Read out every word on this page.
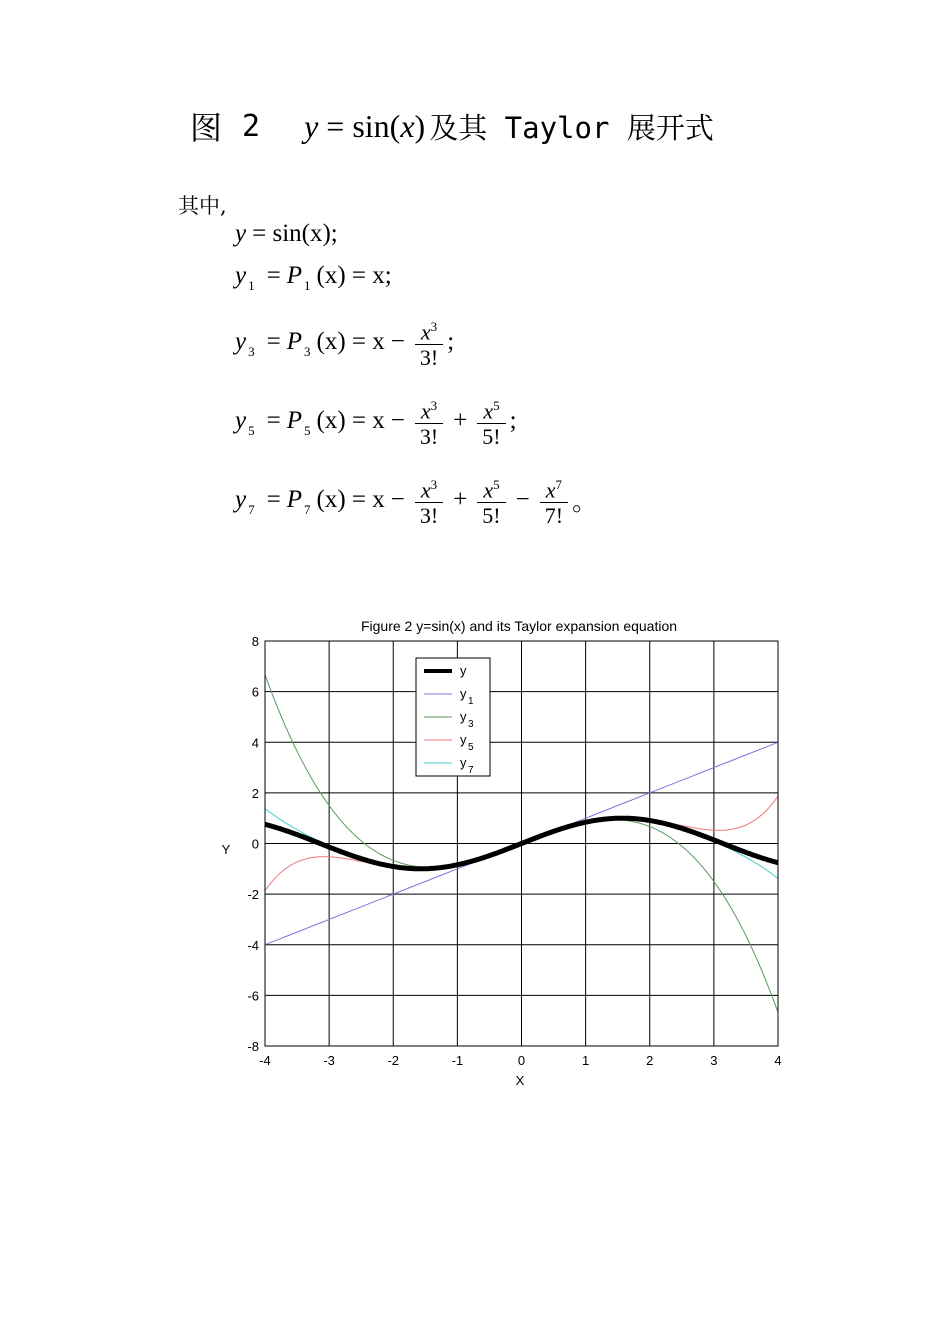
图 2 y = sin(x) 及其 Taylor 展开式
其中,
y = sin(x);
$y_1 = P_1$ (x) = x ;
$y_3 = P_3$ $(x) = x - \frac{x^3}{3!}$ ;
$y_5 = P_5$ $(x) = x - \frac{x^3}{3!} + \frac{x^5}{5!}$ ;
$y_7 = P_7$ $(x) = x - \frac{x^3}{3!} + \frac{x^5}{5!} - \frac{x^7}{7!}$ 。
Figure 2 y=sin(x) and its Taylor expansion equation
-4	-3	-2	-1	0	1	2	3	4
-8
-6
-4
-2
0
2
4
6
8
X
Y
y
y
1
y
3
y
5
y
7
